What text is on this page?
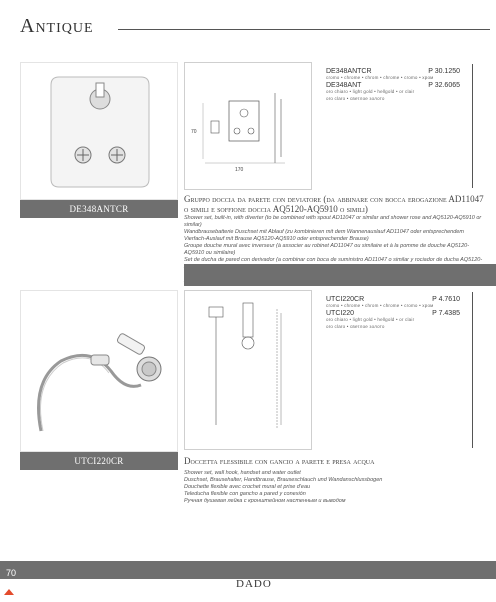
Antique
DE348ANTCR
70
170
DE348ANTCR	P 30.1250
cromo • chrome • chrom • chrome • cromo • хром
DE348ANT	P 32.6065
oro chiaro • light gold • hellgold • or clair
oro claro • светлое золото
Gruppo doccia da parete con deviatore (da abbinare con bocca erogazione AD11047 o simili e soffione doccia AQ5120-AQ5910 o simili)
Shower set, built-in, with diverter (to be combined with spout AD11047 or similar and shower rose and AQ5120-AQ5910 or similar)
Wandbrausebatterie Duschset mit Ablauf (zu kombinieren mit dem Wannenauslauf AD11047 oder entsprechendem Vierfach-Auslauf mit Brause AQ5120-AQ5910 oder entsprechender Brause)
Groupe douche mural avec inverseur (à associer au robinet AD11047 ou similaire et à la pomme de douche AQ5120-AQ5910 ou similaire)
Set de ducha de pared con derivador (a combinar con boca de suministro AD11047 o similar y rociador de ducha AQ5120-
UTCI220CR
UTCI220CR	P 4.7610
cromo • chrome • chrom • chrome • cromo • хром
UTCI220	P 7.4385
oro chiaro • light gold • hellgold • or clair
oro claro • светлое золото
Doccetta flessibile con gancio a parete e presa acqua
Shower set, wall hook, handset and water outlet
Duschset, Brausehalter, Handbrause, Brauseschlauch und Wandanschlussbogen
Douchette flexible avec crochet mural et prise d'eau
Teleducha flexible con gancho a pared y conexión
Ручная душевая лейка с кронштейном настенным и выводом
70
DADO
